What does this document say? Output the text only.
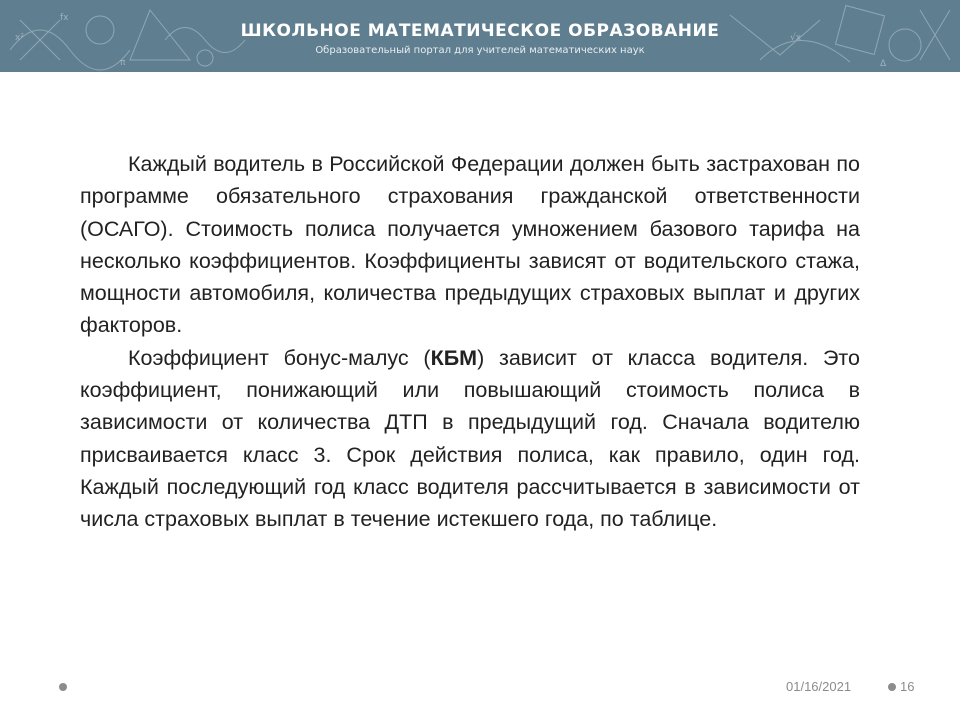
fx
x²
π
√x
Δ
ШКОЛЬНОЕ МАТЕМАТИЧЕСКОЕ ОБРАЗОВАНИЕ
Образовательный портал для учителей математических наук

Каждый водитель в Российской Федерации должен быть застрахован по программе обязательного страхования гражданской ответственности (ОСАГО). Стоимость полиса получается умножением базового тарифа на несколько коэффициентов. Коэффициенты зависят от водительского стажа, мощности автомобиля, количества предыдущих страховых выплат и других факторов.

Коэффициент бонус-малус (КБМ) зависит от класса водителя. Это коэффициент, понижающий или повышающий стоимость полиса в зависимости от количества ДТП в предыдущий год. Сначала водителю присваивается класс 3. Срок действия полиса, как правило, один год. Каждый последующий год класс водителя рассчитывается в зависимости от числа страховых выплат в течение истекшего года, по таблице.

01/16/2021	16
